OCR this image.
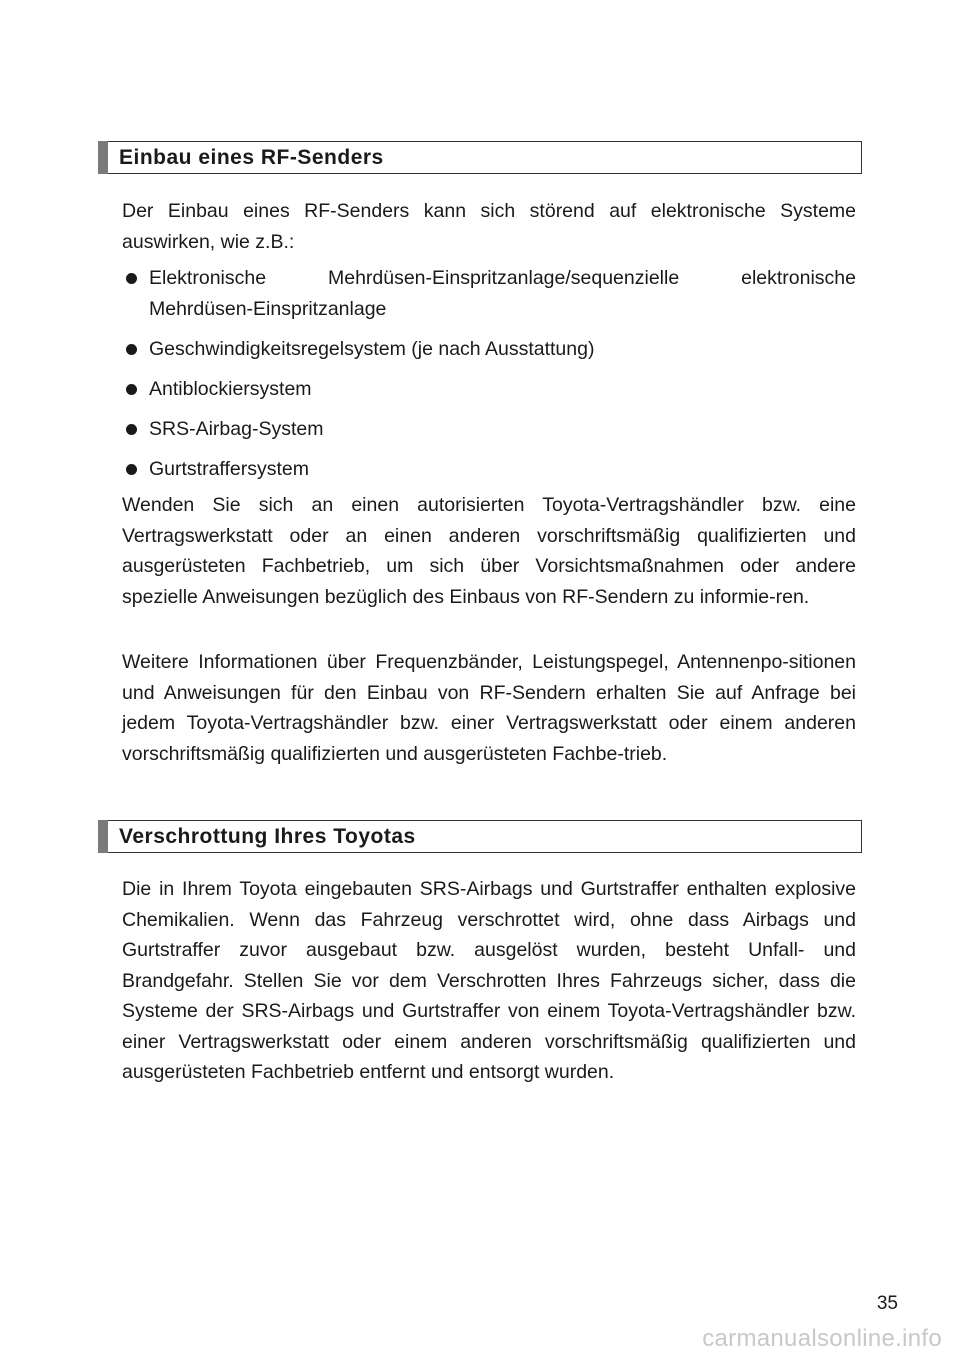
Einbau eines RF-Senders

Der Einbau eines RF-Senders kann sich störend auf elektronische Systeme auswirken, wie z.B.:

Elektronische Mehrdüsen-Einspritzanlage/sequenzielle elektronische
Mehrdüsen-Einspritzanlage
Geschwindigkeitsregelsystem (je nach Ausstattung)
Antiblockiersystem
SRS-Airbag-System
Gurtstraffersystem

Wenden Sie sich an einen autorisierten Toyota-Vertragshändler bzw. eine Vertragswerkstatt oder an einen anderen vorschriftsmäßig qualifizierten und ausgerüsteten Fachbetrieb, um sich über Vorsichtsmaßnahmen oder andere spezielle Anweisungen bezüglich des Einbaus von RF-Sendern zu informie-ren.

Weitere Informationen über Frequenzbänder, Leistungspegel, Antennenpo-sitionen und Anweisungen für den Einbau von RF-Sendern erhalten Sie auf Anfrage bei jedem Toyota-Vertragshändler bzw. einer Vertragswerkstatt oder einem anderen vorschriftsmäßig qualifizierten und ausgerüsteten Fachbe-trieb.

Verschrottung Ihres Toyotas

Die in Ihrem Toyota eingebauten SRS-Airbags und Gurtstraffer enthalten explosive Chemikalien. Wenn das Fahrzeug verschrottet wird, ohne dass Airbags und Gurtstraffer zuvor ausgebaut bzw. ausgelöst wurden, besteht Unfall- und Brandgefahr. Stellen Sie vor dem Verschrotten Ihres Fahrzeugs sicher, dass die Systeme der SRS-Airbags und Gurtstraffer von einem Toyota-Vertragshändler bzw. einer Vertragswerkstatt oder einem anderen vorschriftsmäßig qualifizierten und ausgerüsteten Fachbetrieb entfernt und entsorgt wurden.

35
carmanualsonline.info
